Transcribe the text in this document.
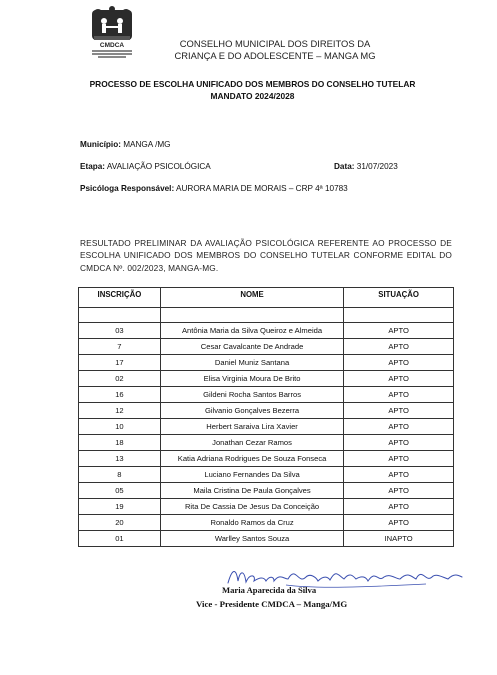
CMDCA	CONSELHO MUNICIPAL DOS DIREITOS DA
CRIANÇA E DO ADOLESCENTE – MANGA MG
PROCESSO DE ESCOLHA UNIFICADO DOS MEMBROS DO CONSELHO TUTELAR
MANDATO 2024/2028
Município: MANGA /MG
Etapa: AVALIAÇÃO PSICOLÓGICA	Data: 31/07/2023
Psicóloga Responsável: AURORA MARIA DE MORAIS – CRP 4ª 10783
RESULTADO PRELIMINAR DA AVALIAÇÃO PSICOLÓGICA REFERENTE AO PROCESSO DE ESCOLHA UNIFICADO DOS MEMBROS DO CONSELHO TUTELAR CONFORME EDITAL DO CMDCA Nº. 002/2023, MANGA-MG.
INSCRIÇÃO	NOME	SITUAÇÃO

03	Antônia Maria da Silva Queiroz e Almeida	APTO
7	Cesar Cavalcante De Andrade	APTO
17	Daniel Muniz Santana	APTO
02	Elisa Virginia Moura De Brito	APTO
16	Gildeni Rocha Santos Barros	APTO
12	Gilvanio Gonçalves Bezerra	APTO
10	Herbert Saraiva Lira Xavier	APTO
18	Jonathan Cezar Ramos	APTO
13	Katia Adriana Rodrigues De Souza Fonseca	APTO
8	Luciano Fernandes Da Silva	APTO
05	Maila Cristina De Paula Gonçalves	APTO
19	Rita De Cassia De Jesus Da Conceição	APTO
20	Ronaldo Ramos da Cruz	APTO
01	Warlley Santos Souza	INAPTO
Maria Aparecida da Silva
Vice - Presidente CMDCA – Manga/MG
